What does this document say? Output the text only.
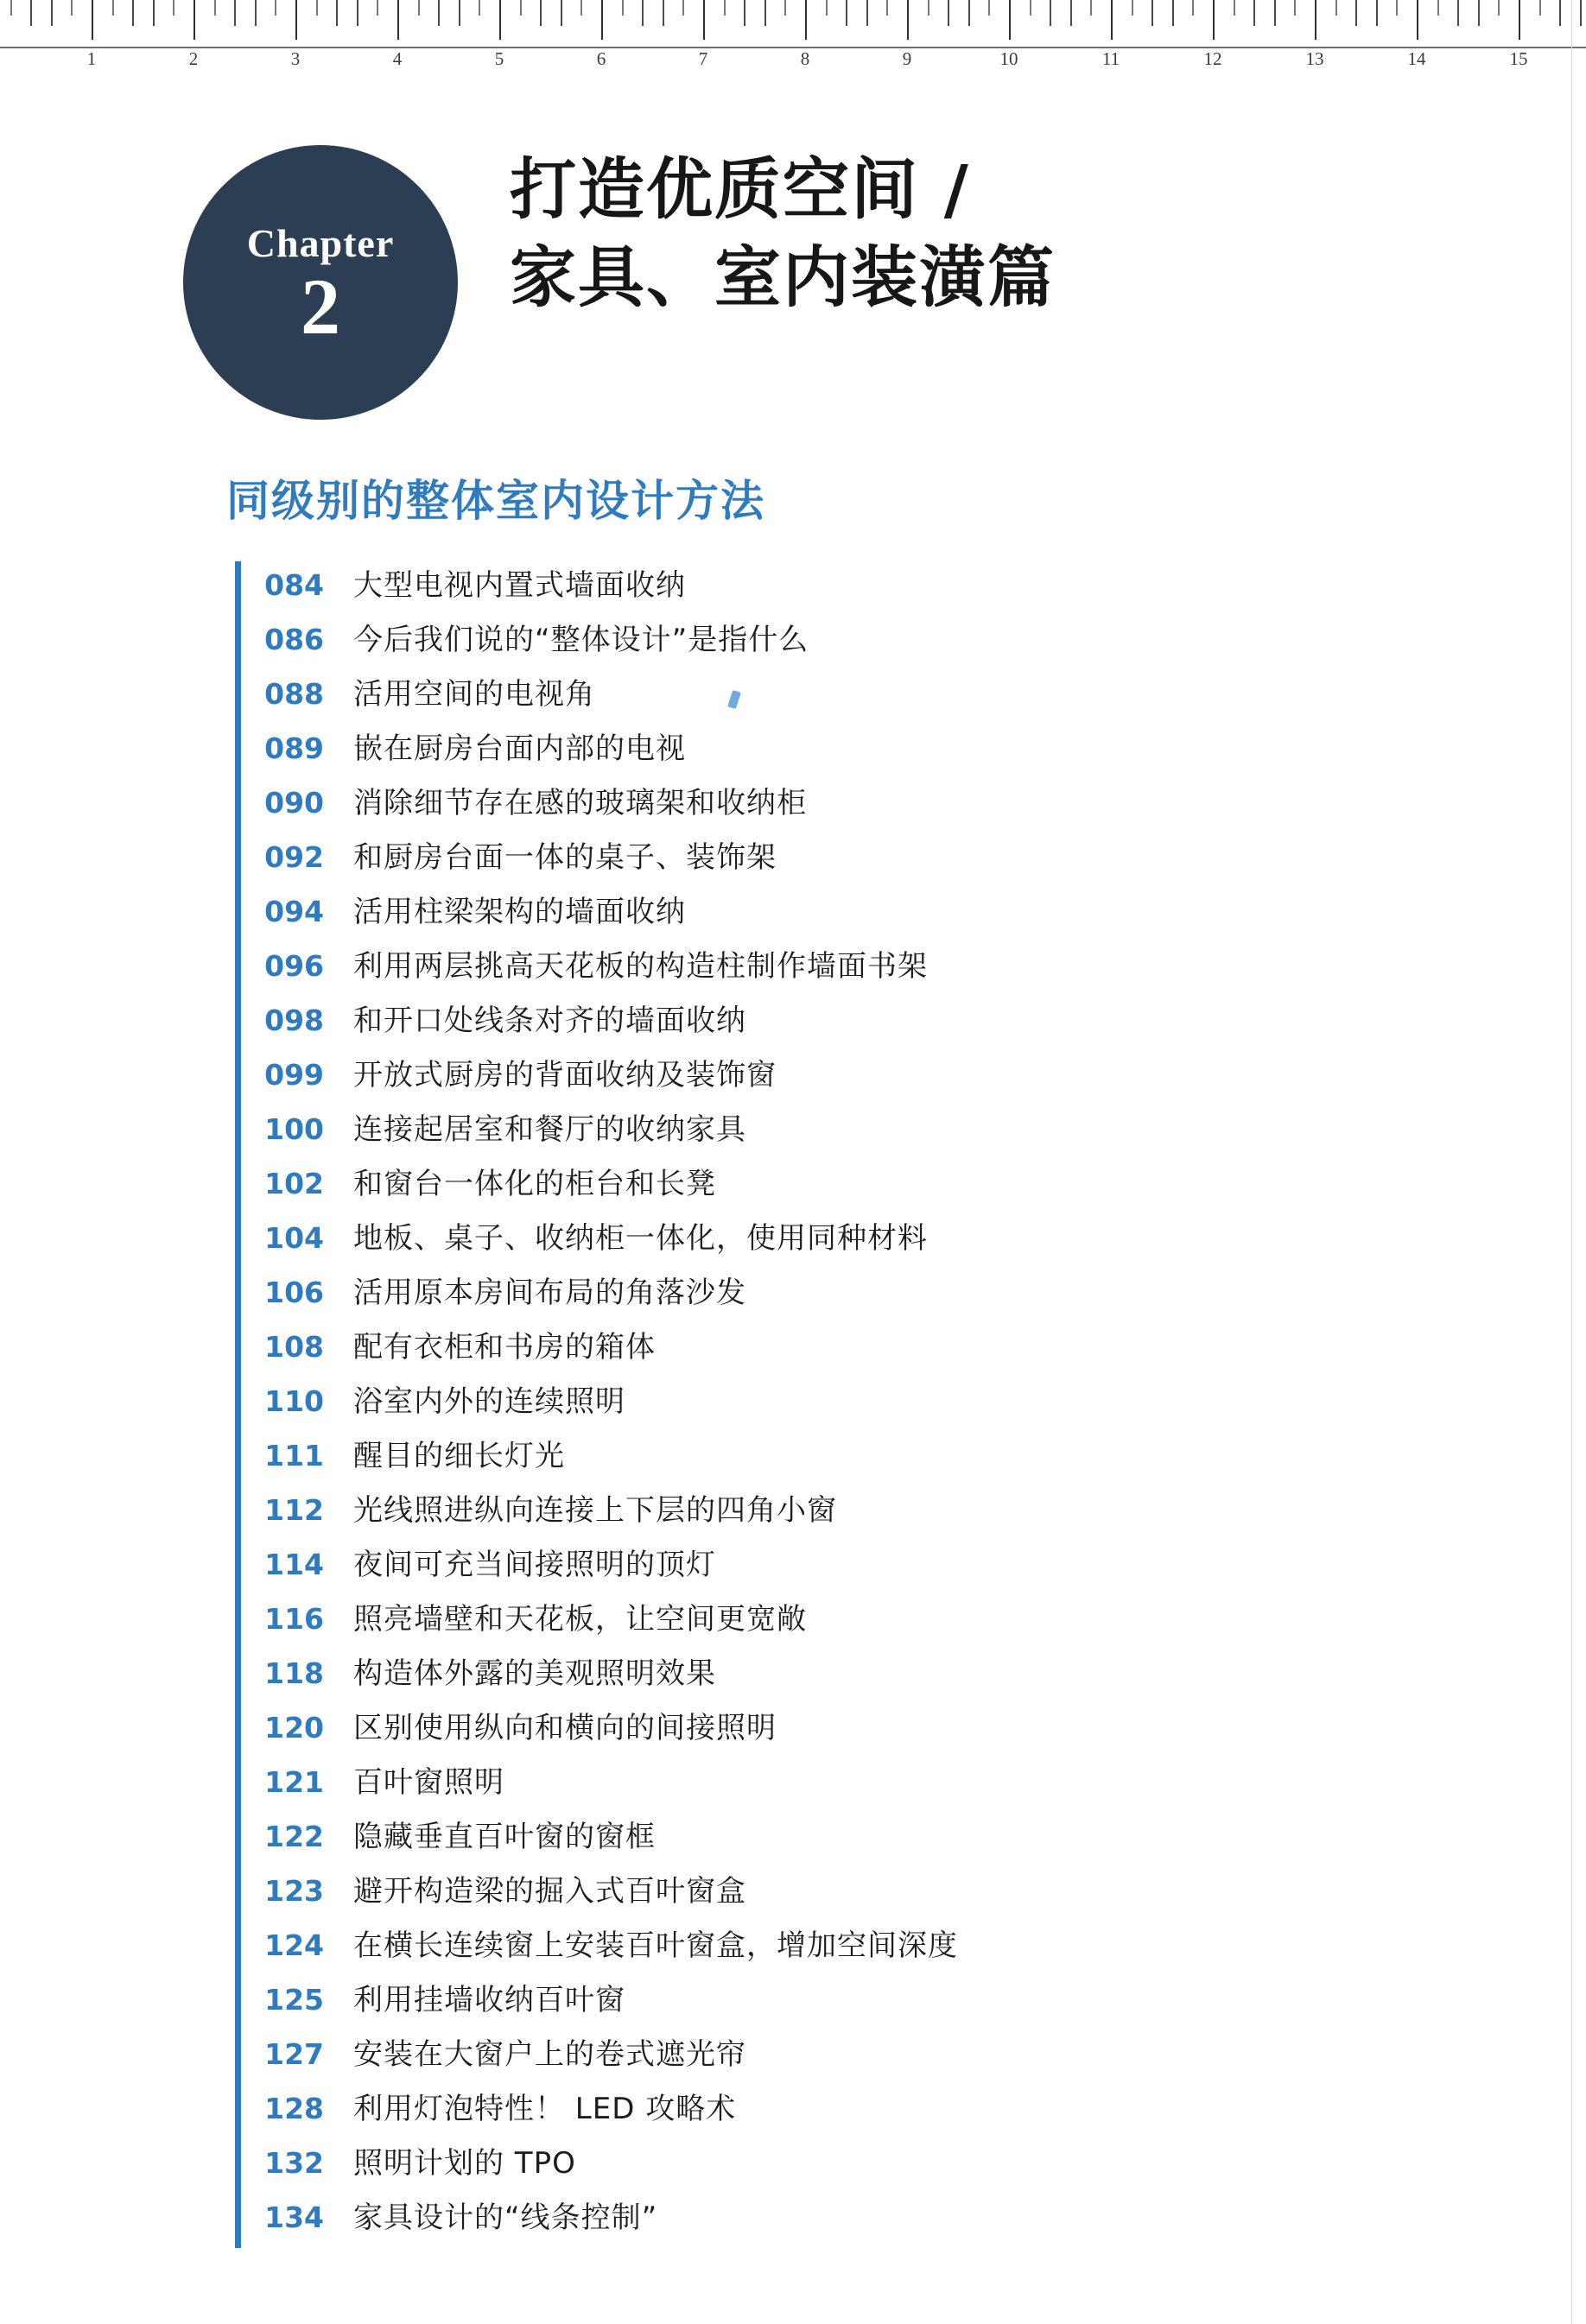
1	2	3	4	5	6	7	8	9	10	11	12	13	14	15
Chapter
2
打造优质空间 /
家具、室内装潢篇
同级别的整体室内设计方法
084	大型电视内置式墙面收纳
086	今后我们说的“整体设计”是指什么
088	活用空间的电视角
089	嵌在厨房台面内部的电视
090	消除细节存在感的玻璃架和收纳柜
092	和厨房台面一体的桌子、装饰架
094	活用柱梁架构的墙面收纳
096	利用两层挑高天花板的构造柱制作墙面书架
098	和开口处线条对齐的墙面收纳
099	开放式厨房的背面收纳及装饰窗
100	连接起居室和餐厅的收纳家具
102	和窗台一体化的柜台和长凳
104	地板、桌子、收纳柜一体化，使用同种材料
106	活用原本房间布局的角落沙发
108	配有衣柜和书房的箱体
110	浴室内外的连续照明
111	醒目的细长灯光
112	光线照进纵向连接上下层的四角小窗
114	夜间可充当间接照明的顶灯
116	照亮墙壁和天花板，让空间更宽敞
118	构造体外露的美观照明效果
120	区别使用纵向和横向的间接照明
121	百叶窗照明
122	隐藏垂直百叶窗的窗框
123	避开构造梁的掘入式百叶窗盒
124	在横长连续窗上安装百叶窗盒，增加空间深度
125	利用挂墙收纳百叶窗
127	安装在大窗户上的卷式遮光帘
128	利用灯泡特性！ LED 攻略术
132	照明计划的 TPO
134	家具设计的“线条控制”
